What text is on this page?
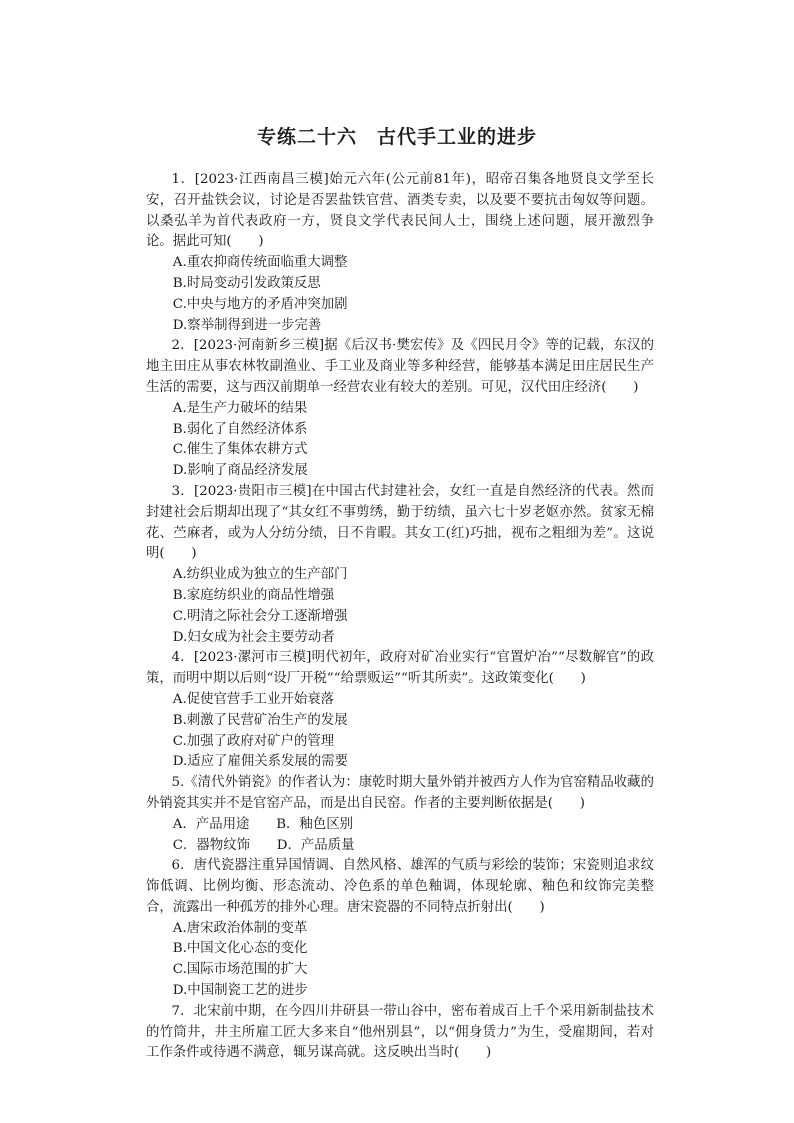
专练二十六　古代手工业的进步

1．[2023·江西南昌三模]始元六年(公元前81年)，昭帝召集各地贤良文学至长安，召开盐铁会议，讨论是否罢盐铁官营、酒类专卖，以及要不要抗击匈奴等问题。以桑弘羊为首代表政府一方，贤良文学代表民间人士，围绕上述问题，展开激烈争论。据此可知(　　)

A.重农抑商传统面临重大调整

B.时局变动引发政策反思

C.中央与地方的矛盾冲突加剧

D.察举制得到进一步完善

2．[2023·河南新乡三模]据《后汉书·樊宏传》及《四民月令》等的记载，东汉的地主田庄从事农林牧副渔业、手工业及商业等多种经营，能够基本满足田庄居民生产生活的需要，这与西汉前期单一经营农业有较大的差别。可见，汉代田庄经济(　　)

A.是生产力破坏的结果

B.弱化了自然经济体系

C.催生了集体农耕方式

D.影响了商品经济发展

3．[2023·贵阳市三模]在中国古代封建社会，女红一直是自然经济的代表。然而封建社会后期却出现了“其女红不事剪绣，勤于纺绩，虽六七十岁老妪亦然。贫家无棉花、苎麻者，或为人分纺分绩，日不肯暇。其女工(红)巧拙，视布之粗细为差”。这说明(　　)

A.纺织业成为独立的生产部门

B.家庭纺织业的商品性增强

C.明清之际社会分工逐渐增强

D.妇女成为社会主要劳动者

4．[2023·漯河市三模]明代初年，政府对矿冶业实行“官置炉冶”“尽数解官”的政策，而明中期以后则“设厂开税”“给票贩运”“听其所卖”。这政策变化(　　)

A.促使官营手工业开始衰落

B.刺激了民营矿冶生产的发展

C.加强了政府对矿户的管理

D.适应了雇佣关系发展的需要

5.《清代外销瓷》的作者认为：康乾时期大量外销并被西方人作为官窑精品收藏的外销瓷其实并不是官窑产品，而是出自民窑。作者的主要判断依据是(　　)

A．产品用途　　B．釉色区别

C．器物纹饰　　D．产品质量

6．唐代瓷器注重异国情调、自然风格、雄浑的气质与彩绘的装饰；宋瓷则追求纹饰低调、比例均衡、形态流动、冷色系的单色釉调，体现轮廓、釉色和纹饰完美整合，流露出一种孤芳的排外心理。唐宋瓷器的不同特点折射出(　　)

A.唐宋政治体制的变革

B.中国文化心态的变化

C.国际市场范围的扩大

D.中国制瓷工艺的进步

7．北宋前中期，在今四川井研县一带山谷中，密布着成百上千个采用新制盐技术的竹筒井，井主所雇工匠大多来自“他州别县”，以“佣身赁力”为生，受雇期间，若对工作条件或待遇不满意，辄另谋高就。这反映出当时(　　)
